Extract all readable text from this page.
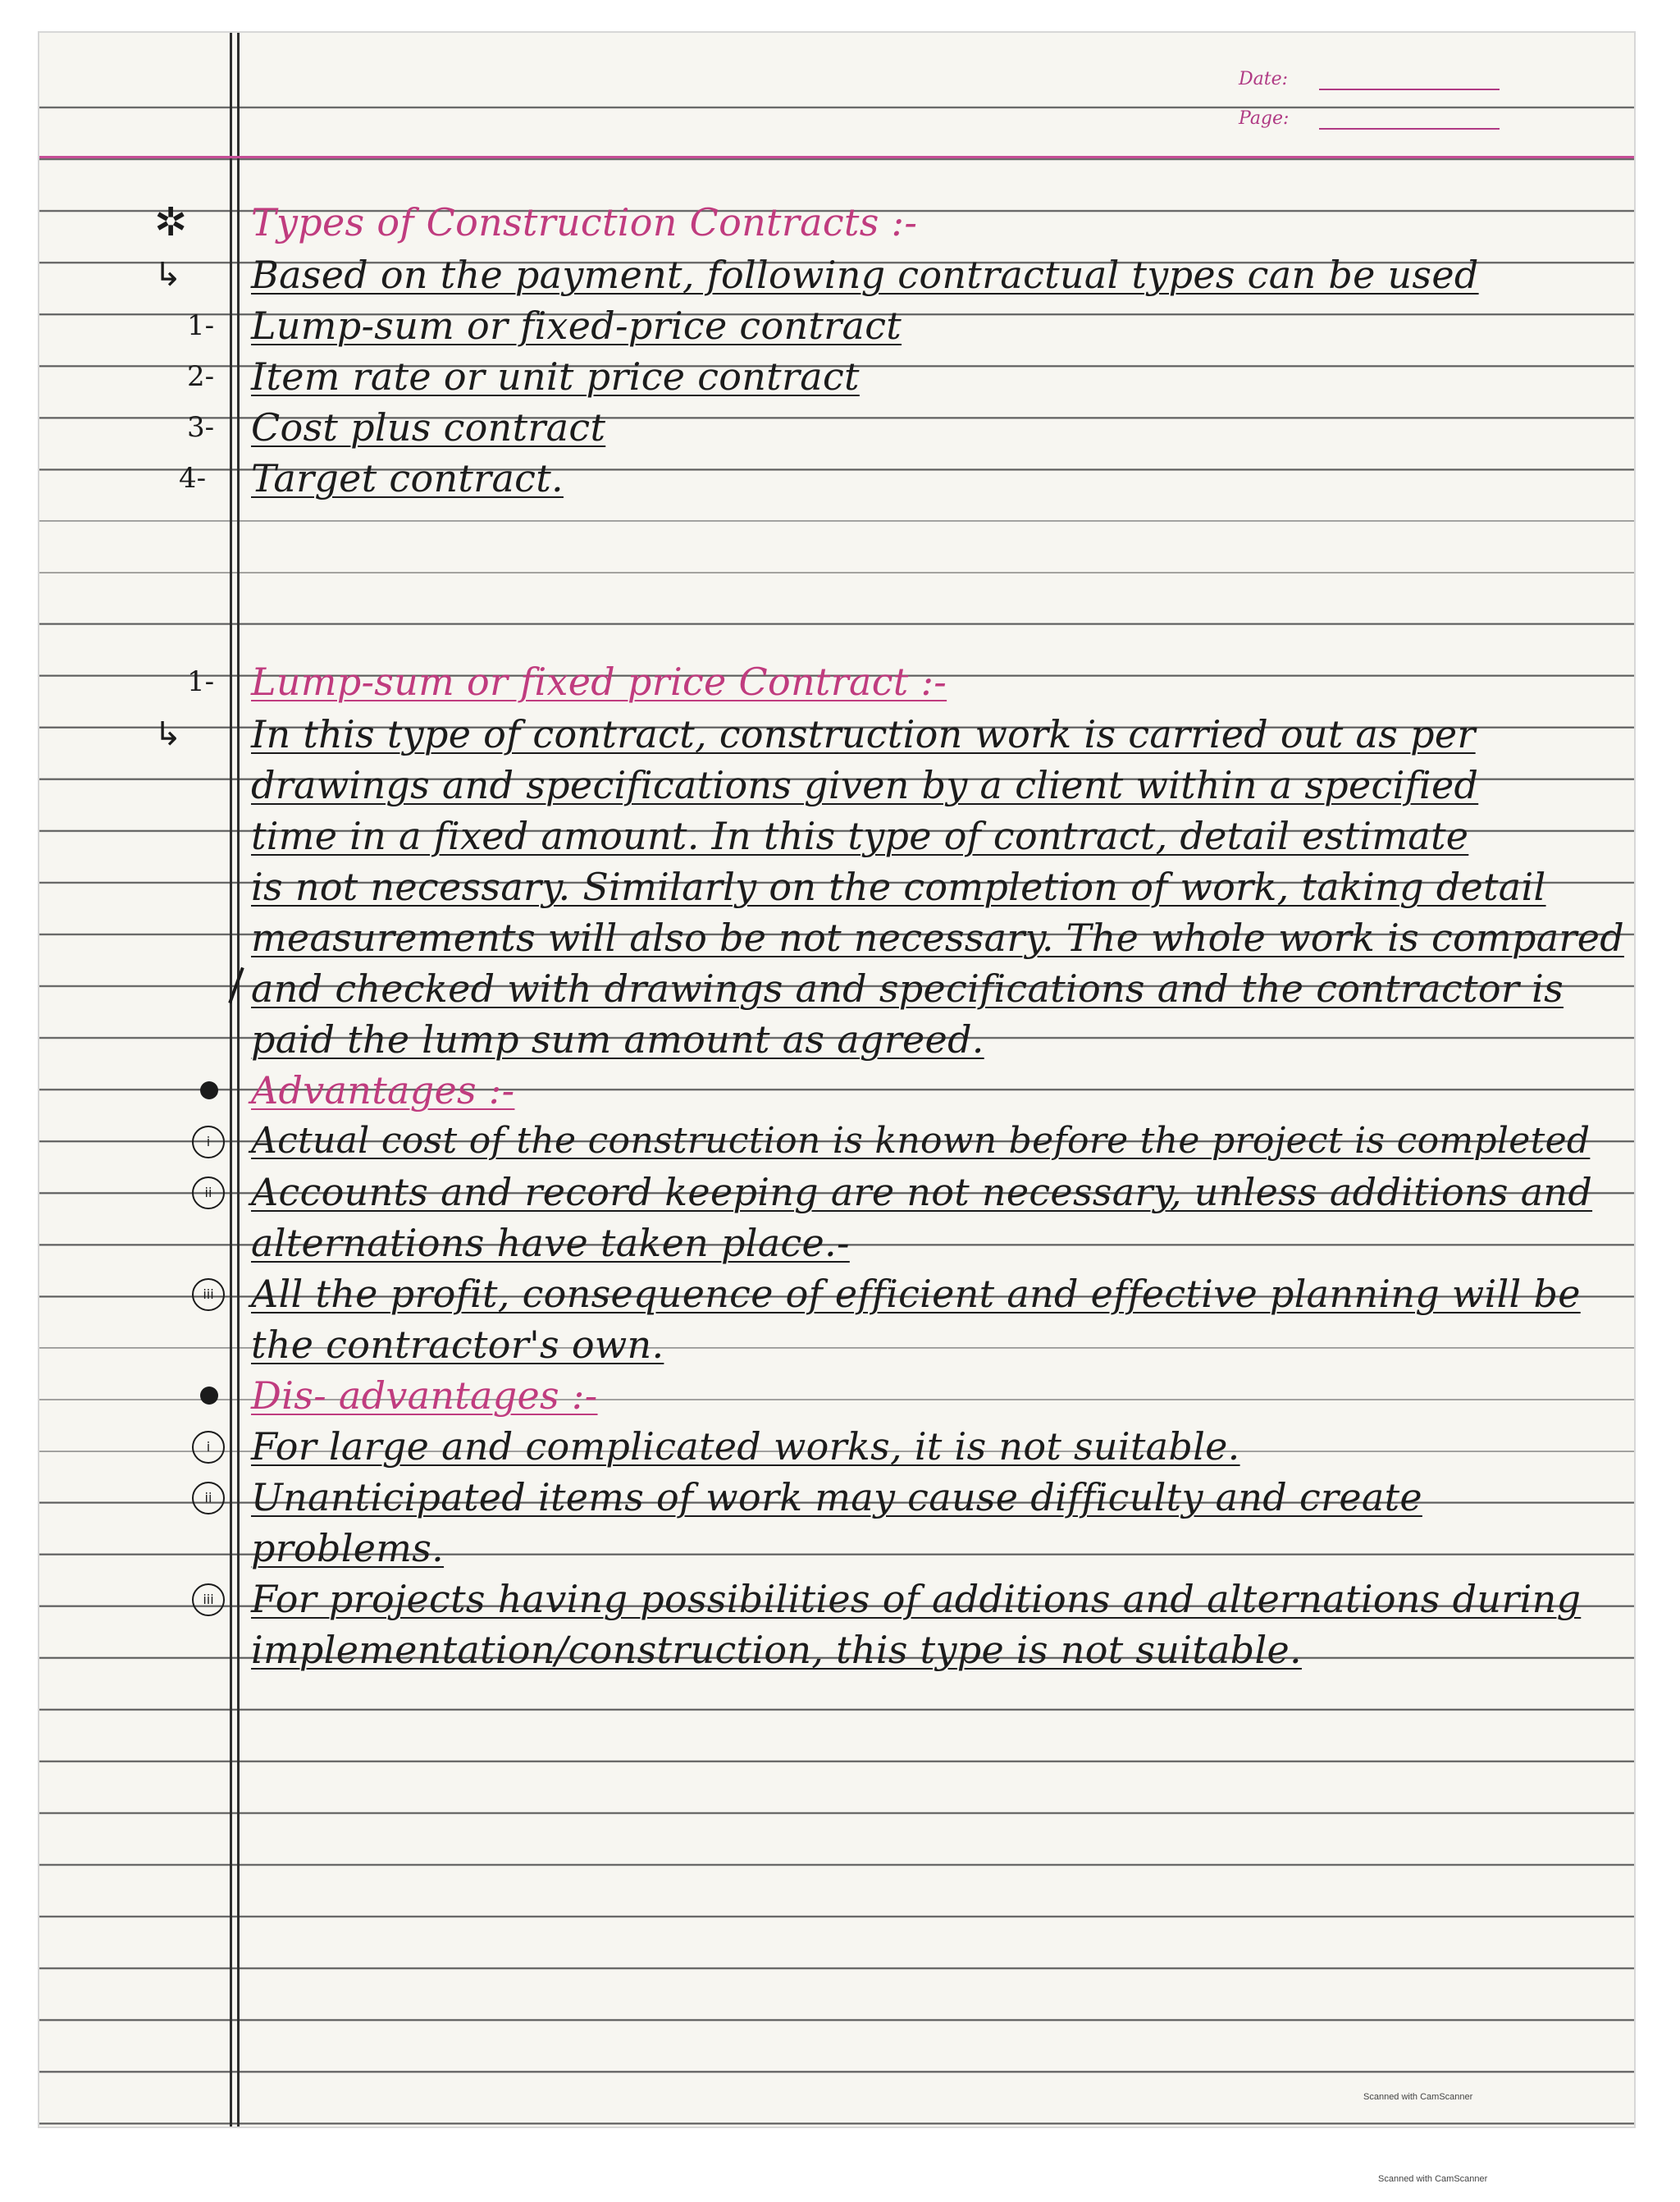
Date:
Page:
✲ Types of Construction Contracts :-
↳ Based on the payment, following contractual types can be used
1- Lump-sum or fixed-price contract
2- Item rate or unit price contract
3- Cost plus contract
4- Target contract.
1- Lump-sum or fixed price Contract :-
↳ In this type of contract, construction work is carried out as per
drawings and specifications given by a client within a specified
time in a fixed amount. In this type of contract, detail estimate
is not necessary. Similarly on the completion of work, taking detail
measurements will also be not necessary. The whole work is compared
and checked with drawings and specifications and the contractor is
paid the lump sum amount as agreed.
Advantages :-
i	Actual cost of the construction is known before the project is completed
ii	Accounts and record keeping are not necessary, unless additions and
alternations have taken place.-
iii All the profit, consequence of efficient and effective planning will be
the contractor's own.
Dis- advantages :-
i	For large and complicated works, it is not suitable.
ii	Unanticipated items of work may cause difficulty and create
problems.
iii For projects having possibilities of additions and alternations during
implementation/construction, this type is not suitable.
Scanned with CamScanner
Scanned with CamScanner
